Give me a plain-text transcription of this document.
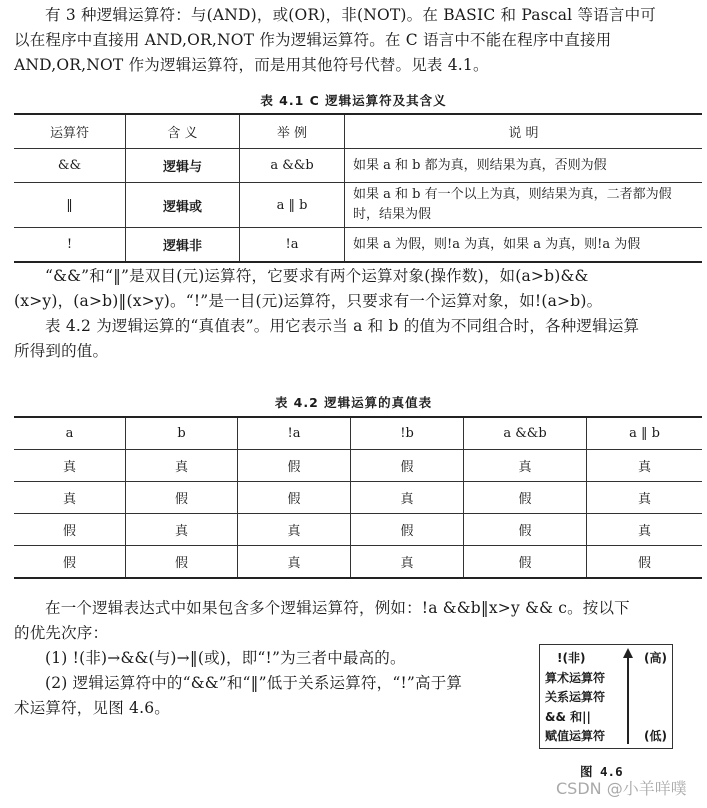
有 3 种逻辑运算符：与(AND)，或(OR)，非(NOT)。在 BASIC 和 Pascal 等语言中可
以在程序中直接用 AND,OR,NOT 作为逻辑运算符。在 C 语言中不能在程序中直接用
AND,OR,NOT 作为逻辑运算符，而是用其他符号代替。见表 4.1。
表 4.1 C 逻辑运算符及其含义
运算符	含 义	举 例	说 明
&&	逻辑与	a &&b	如果 a 和 b 都为真，则结果为真，否则为假
‖	逻辑或	a ‖ b	如果 a 和 b 有一个以上为真，则结果为真，二者都为假时，结果为假
!	逻辑非	!a	如果 a 为假，则!a 为真，如果 a 为真，则!a 为假
“&&”和“‖”是双目(元)运算符，它要求有两个运算对象(操作数)，如(a>b)&&
(x>y)，(a>b)‖(x>y)。“!”是一目(元)运算符，只要求有一个运算对象，如!(a>b)。
表 4.2 为逻辑运算的“真值表”。用它表示当 a 和 b 的值为不同组合时，各种逻辑运算
所得到的值。
表 4.2 逻辑运算的真值表
a	b	!a	!b	a &&b	a ‖ b
真	真	假	假	真	真
真	假	假	真	假	真
假	真	真	假	假	真
假	假	真	真	假	假
在一个逻辑表达式中如果包含多个逻辑运算符，例如：!a &&b‖x>y && c。按以下
的优先次序：
(1) !(非)→&&(与)→‖(或)，即“!”为三者中最高的。
(2) 逻辑运算符中的“&&”和“‖”低于关系运算符，“!”高于算
术运算符，见图 4.6。
!(非)
算术运算符
关系运算符
&& 和||
赋值运算符
(高)
(低)
图 4.6
CSDN @小羊咩噗
